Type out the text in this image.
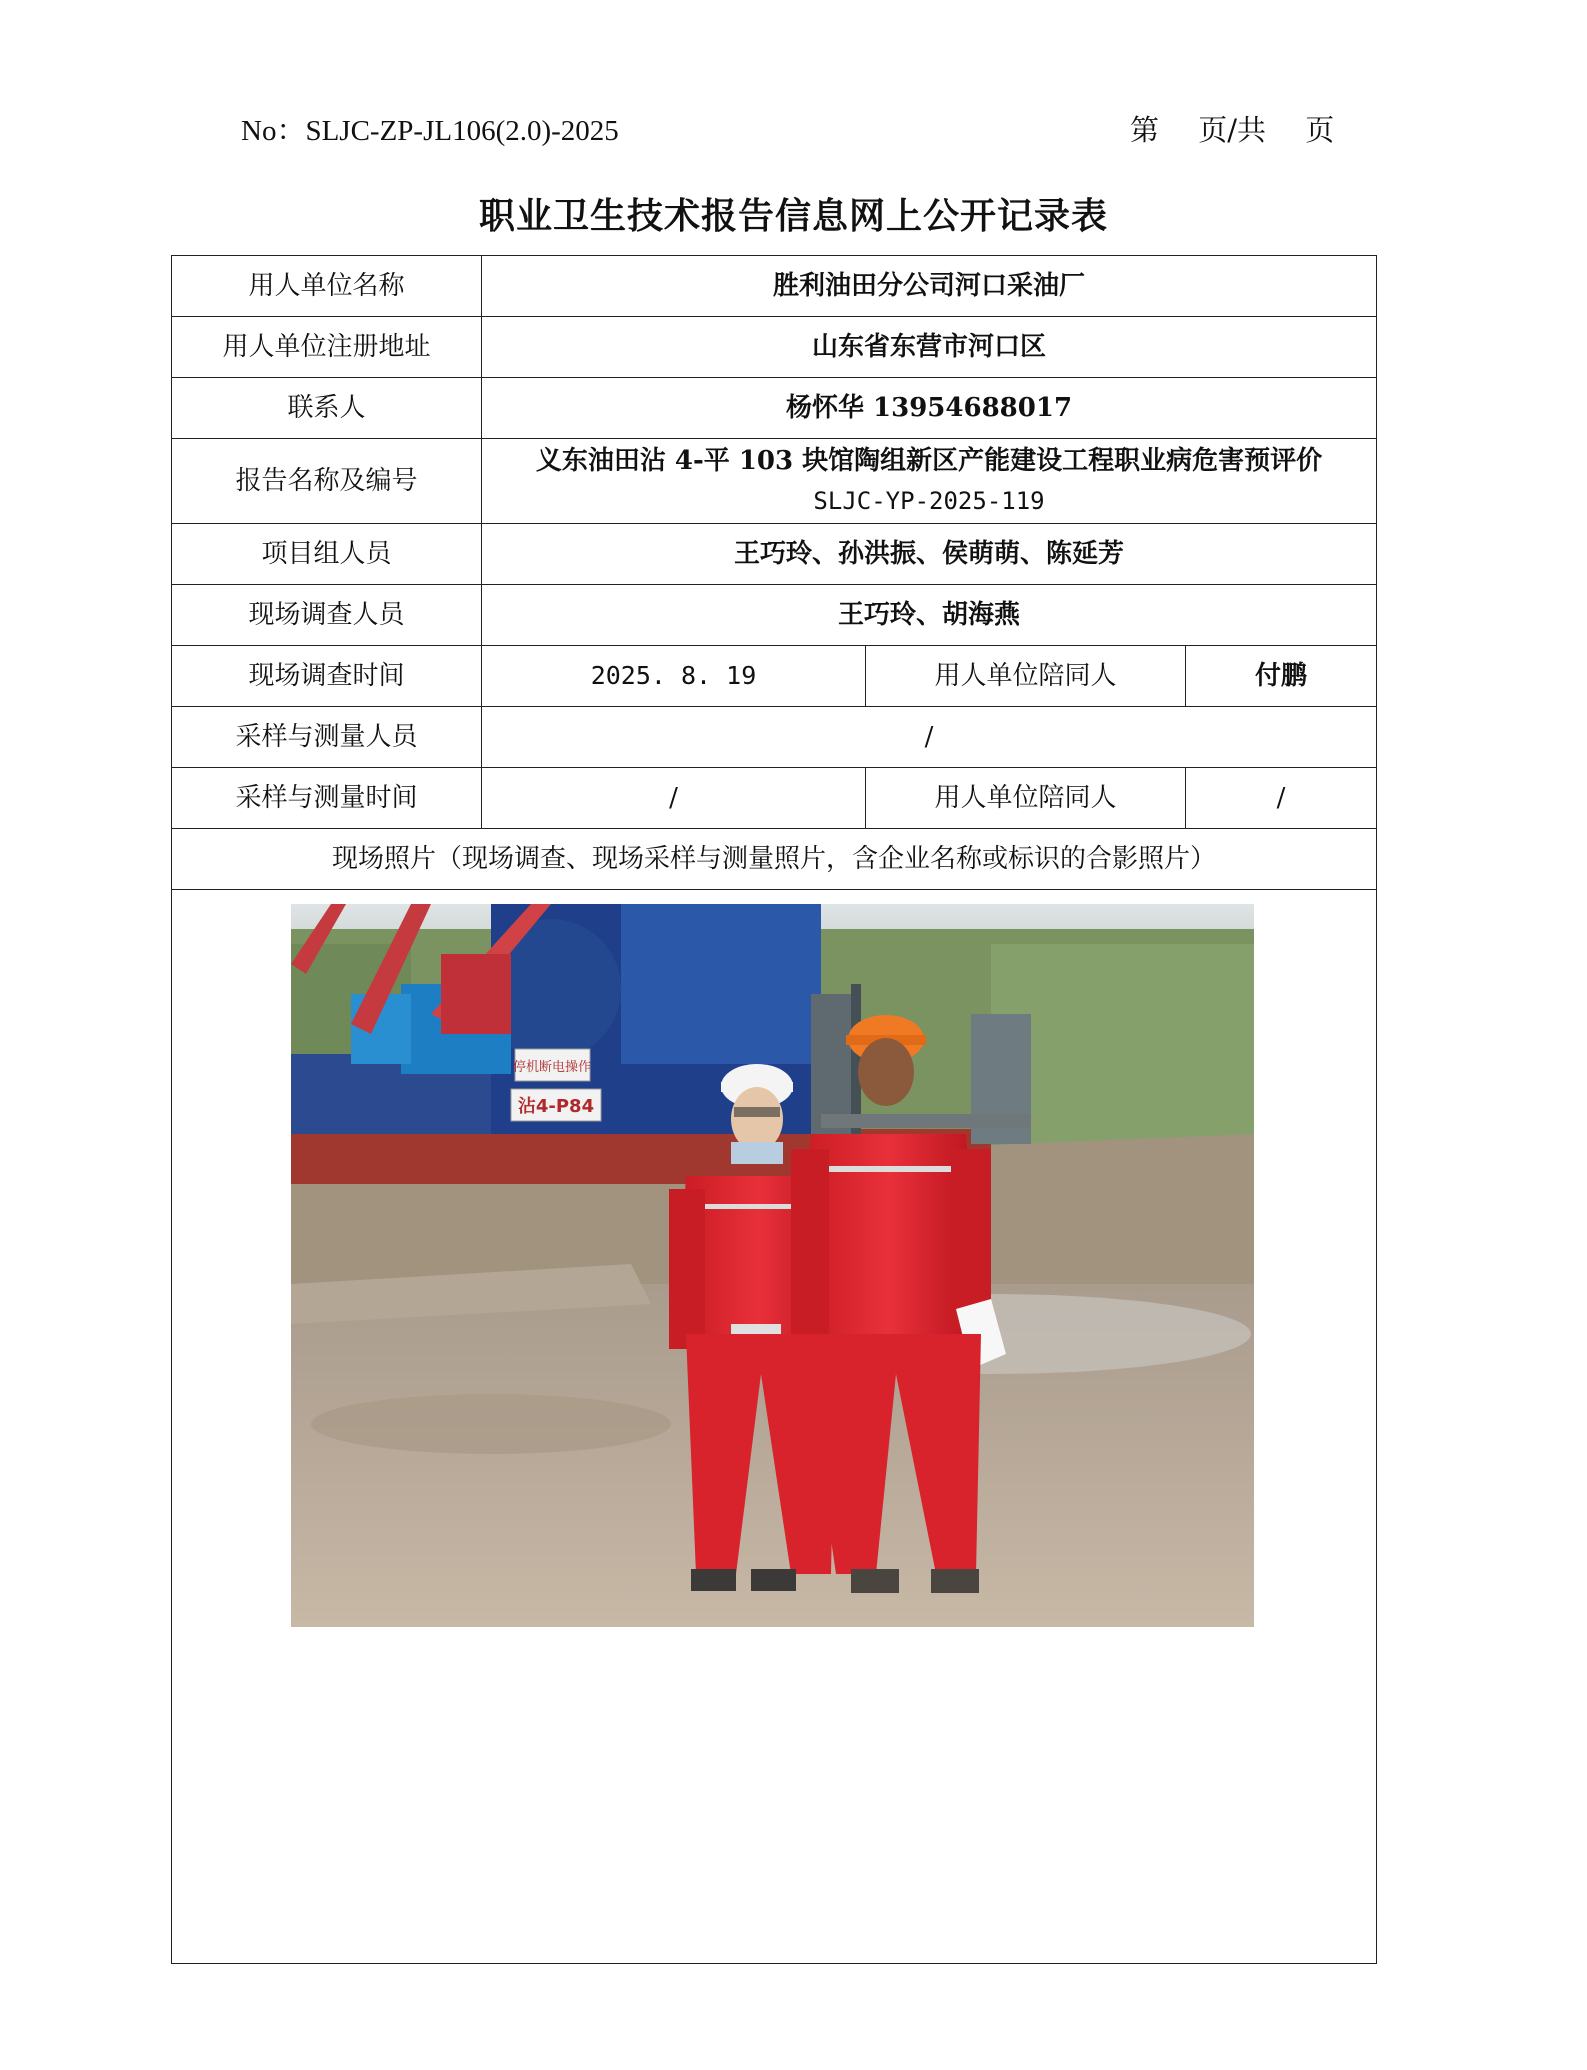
No：SLJC-ZP-JL106(2.0)-2025	第 页/共 页
职业卫生技术报告信息网上公开记录表
用人单位名称	胜利油田分公司河口采油厂		
用人单位注册地址	山东省东营市河口区		
联系人	杨怀华 13954688017		
报告名称及编号	义东油田沾 4-平 103 块馆陶组新区产能建设工程职业病危害预评价
SLJC-YP-2025-119		

项目组人员	王巧玲、孙洪振、侯萌萌、陈延芳		
现场调查人员	王巧玲、胡海燕		
现场调查时间	2025. 8. 19	用人单位陪同人	付鹏
采样与测量人员	/		
采样与测量时间	/	用人单位陪同人	/
现场照片（现场调查、现场采样与测量照片，含企业名称或标识的合影照片）			

停机断电操作
沾4-P84			
